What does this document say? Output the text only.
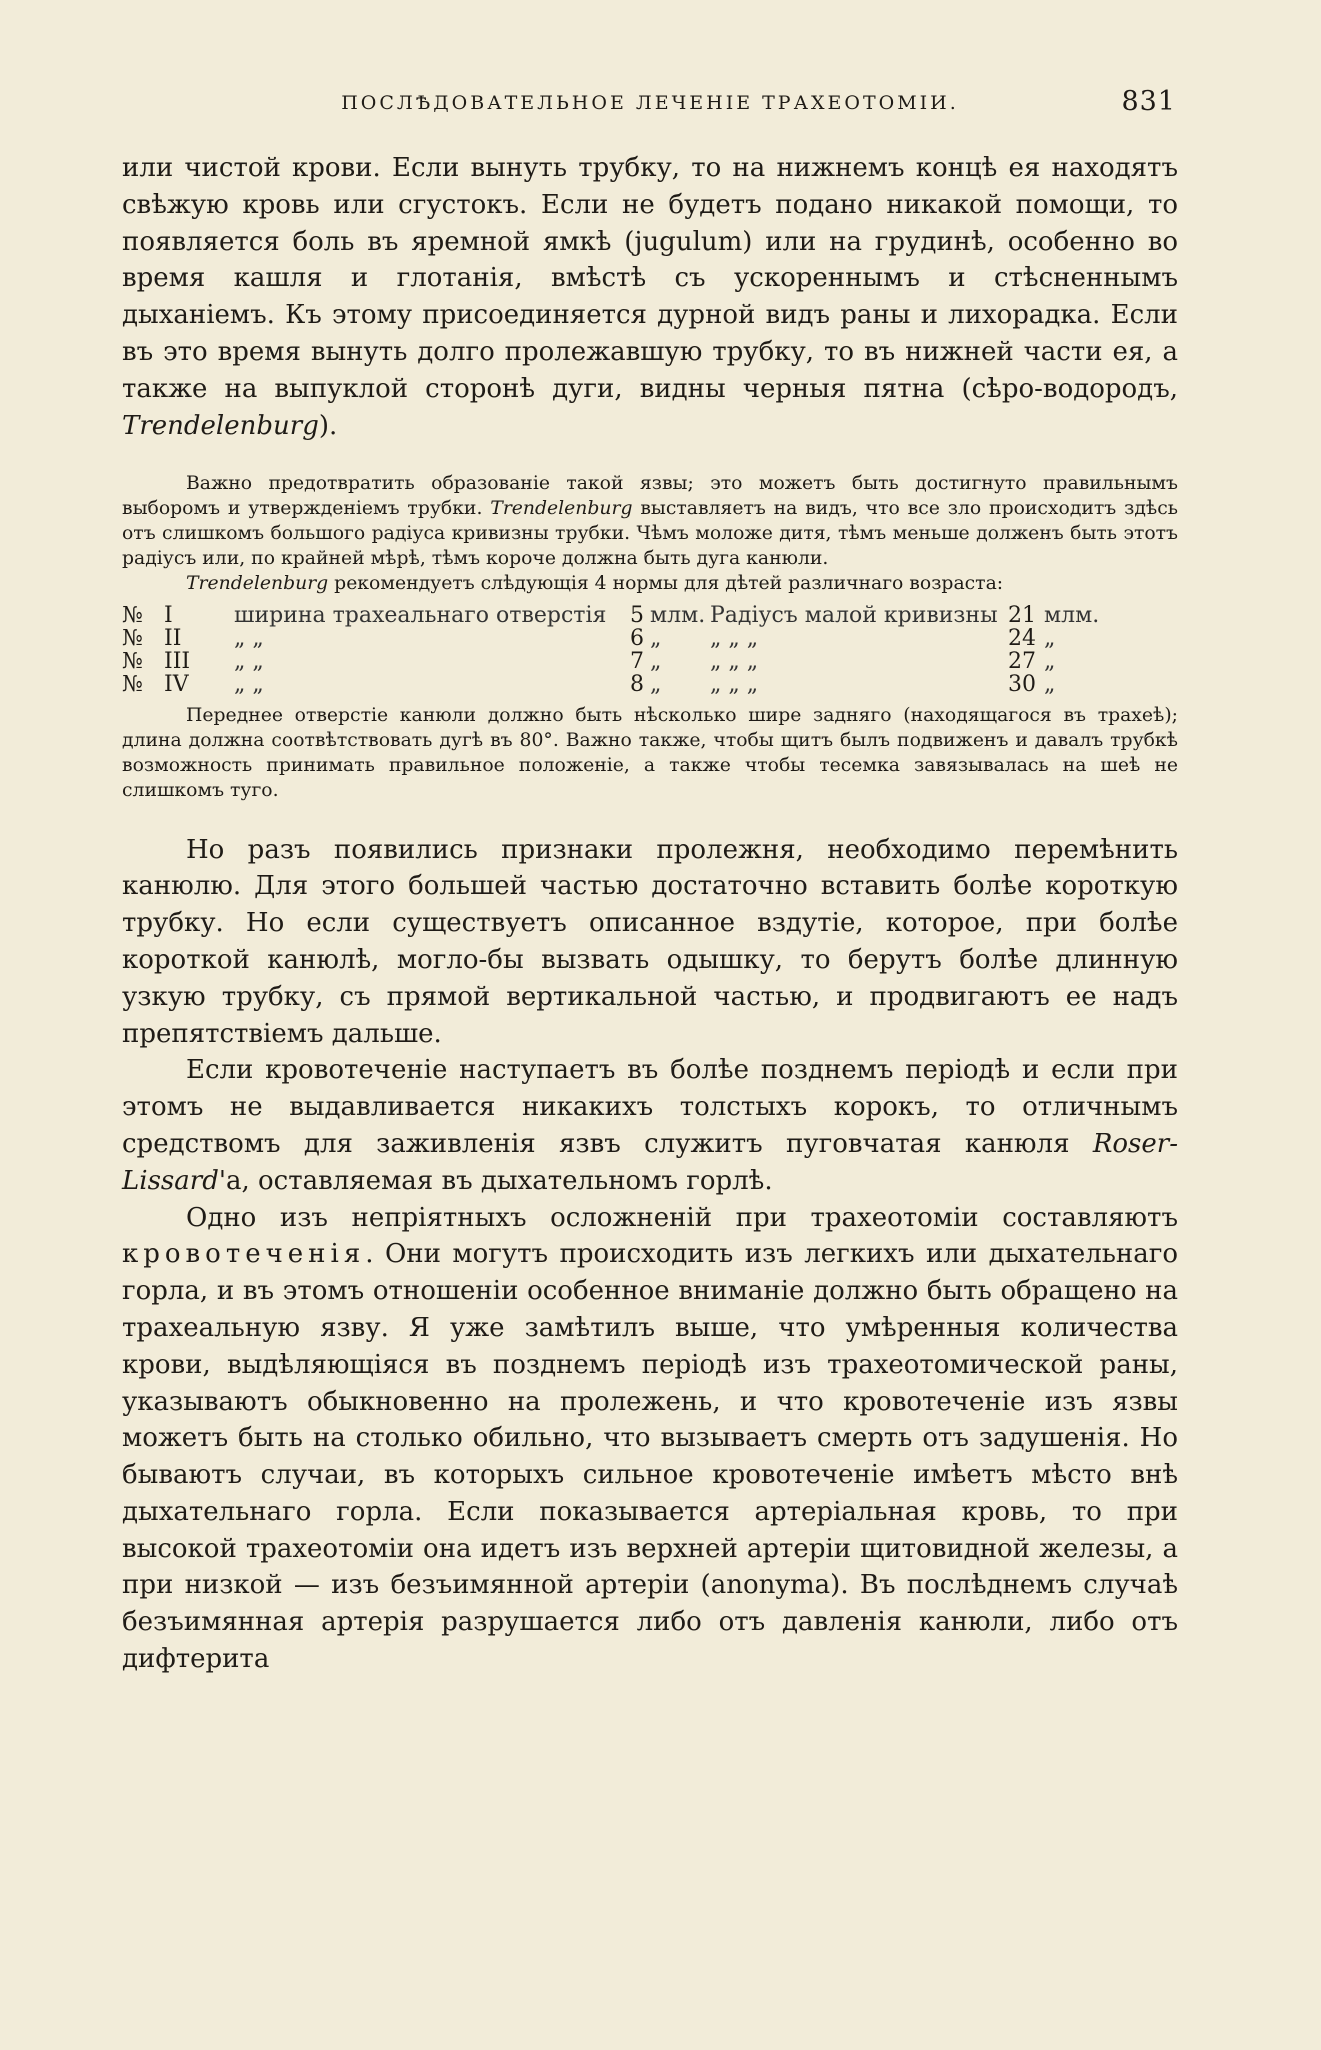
ПОСЛѢДОВАТЕЛЬНОЕ ЛЕЧЕНІЕ ТРАХЕОТОМІИ.	831

или чистой крови. Если вынуть трубку, то на нижнемъ концѣ ея находятъ свѣжую кровь или сгустокъ. Если не будетъ подано никакой помощи, то появляется боль въ яремной ямкѣ (jugulum) или на грудинѣ, особенно во время кашля и глотанія, вмѣстѣ съ ускореннымъ и стѣсненнымъ дыханіемъ. Къ этому присоединяется дурной видъ раны и лихорадка. Если въ это время вынуть долго пролежавшую трубку, то въ нижней части ея, а также на выпуклой сторонѣ дуги, видны черныя пятна (сѣро-водородъ, Trendelenburg).

Важно предотвратить образованіе такой язвы; это можетъ быть достигнуто правильнымъ выборомъ и утвержденіемъ трубки. Trendelenburg выставляетъ на видъ, что все зло происходитъ здѣсь отъ слишкомъ большого радіуса кривизны трубки. Чѣмъ моложе дитя, тѣмъ меньше долженъ быть этотъ радіусъ или, по крайней мѣрѣ, тѣмъ короче должна быть дуга канюли.

Trendelenburg рекомендуетъ слѣдующія 4 нормы для дѣтей различнаго возраста:

№	I	ширина трахеальнаго отверстія	5	млм.	Радіусъ малой кривизны	21	млм.
№	II	„ „	6	„	„ „ „	24	„
№	III	„ „	7	„	„ „ „	27	„
№	IV	„ „	8	„	„ „ „	30	„

Переднее отверстіе канюли должно быть нѣсколько шире задняго (находящагося въ трахеѣ); длина должна соотвѣтствовать дугѣ въ 80°. Важно также, чтобы щитъ былъ подвиженъ и давалъ трубкѣ возможность принимать правильное положеніе, а также чтобы тесемка завязывалась на шеѣ не слишкомъ туго.

Но разъ появились признаки пролежня, необходимо перемѣнить канюлю. Для этого большей частью достаточно вставить болѣе короткую трубку. Но если существуетъ описанное вздутіе, которое, при болѣе короткой канюлѣ, могло-бы вызвать одышку, то берутъ болѣе длинную узкую трубку, съ прямой вертикальной частью, и продвигаютъ ее надъ препятствіемъ дальше.

Если кровотеченіе наступаетъ въ болѣе позднемъ періодѣ и если при этомъ не выдавливается никакихъ толстыхъ корокъ, то отличнымъ средствомъ для заживленія язвъ служитъ пуговчатая канюля Roser-Lissard'а, оставляемая въ дыхательномъ горлѣ.

Одно изъ непріятныхъ осложненій при трахеотоміи составляютъ кровотеченія. Они могутъ происходить изъ легкихъ или дыхательнаго горла, и въ этомъ отношеніи особенное вниманіе должно быть обращено на трахеальную язву. Я уже замѣтилъ выше, что умѣренныя количества крови, выдѣляющіяся въ позднемъ періодѣ изъ трахеотомической раны, указываютъ обыкновенно на пролежень, и что кровотеченіе изъ язвы можетъ быть на столько обильно, что вызываетъ смерть отъ задушенія. Но бываютъ случаи, въ которыхъ сильное кровотеченіе имѣетъ мѣсто внѣ дыхательнаго горла. Если показывается артеріальная кровь, то при высокой трахеотоміи она идетъ изъ верхней артеріи щитовидной железы, а при низкой — изъ безъимянной артеріи (anonyma). Въ послѣднемъ случаѣ безъимянная артерія разрушается либо отъ давленія канюли, либо отъ дифтерита
